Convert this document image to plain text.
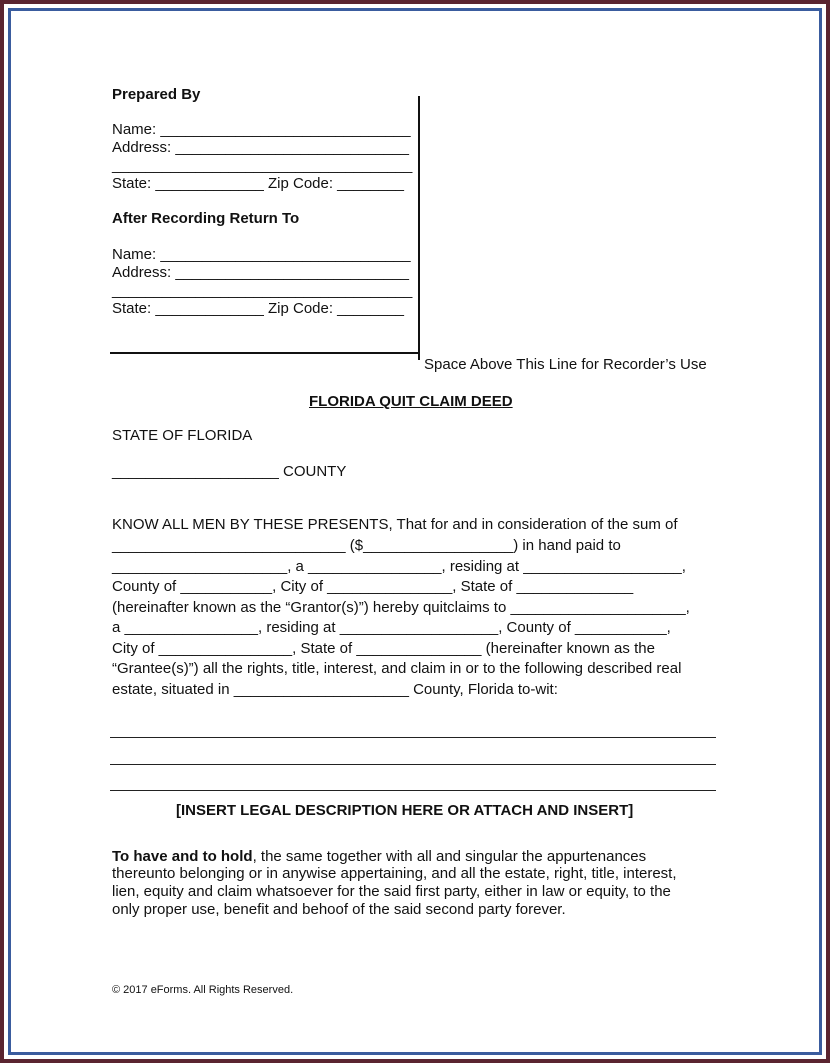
Prepared By
Name: ______________________________
Address: ____________________________
____________________________________
State: _____________ Zip Code: ________
After Recording Return To
Name: ______________________________
Address: ____________________________
____________________________________
State: _____________ Zip Code: ________
Space Above This Line for Recorder’s Use
FLORIDA QUIT CLAIM DEED
STATE OF FLORIDA
____________________ COUNTY
KNOW ALL MEN BY THESE PRESENTS, That for and in consideration of the sum of
____________________________ ($__________________) in hand paid to
_____________________, a ________________, residing at ___________________,
County of ___________, City of _______________, State of ______________
(hereinafter known as the “Grantor(s)”) hereby quitclaims to _____________________,
a ________________, residing at ___________________, County of ___________,
City of ________________, State of _______________ (hereinafter known as the
“Grantee(s)”) all the rights, title, interest, and claim in or to the following described real
estate, situated in _____________________ County, Florida to-wit:
[INSERT LEGAL DESCRIPTION HERE OR ATTACH AND INSERT]
To have and to hold, the same together with all and singular the appurtenances
thereunto belonging or in anywise appertaining, and all the estate, right, title, interest,
lien, equity and claim whatsoever for the said first party, either in law or equity, to the
only proper use, benefit and behoof of the said second party forever.
© 2017 eForms. All Rights Reserved.
